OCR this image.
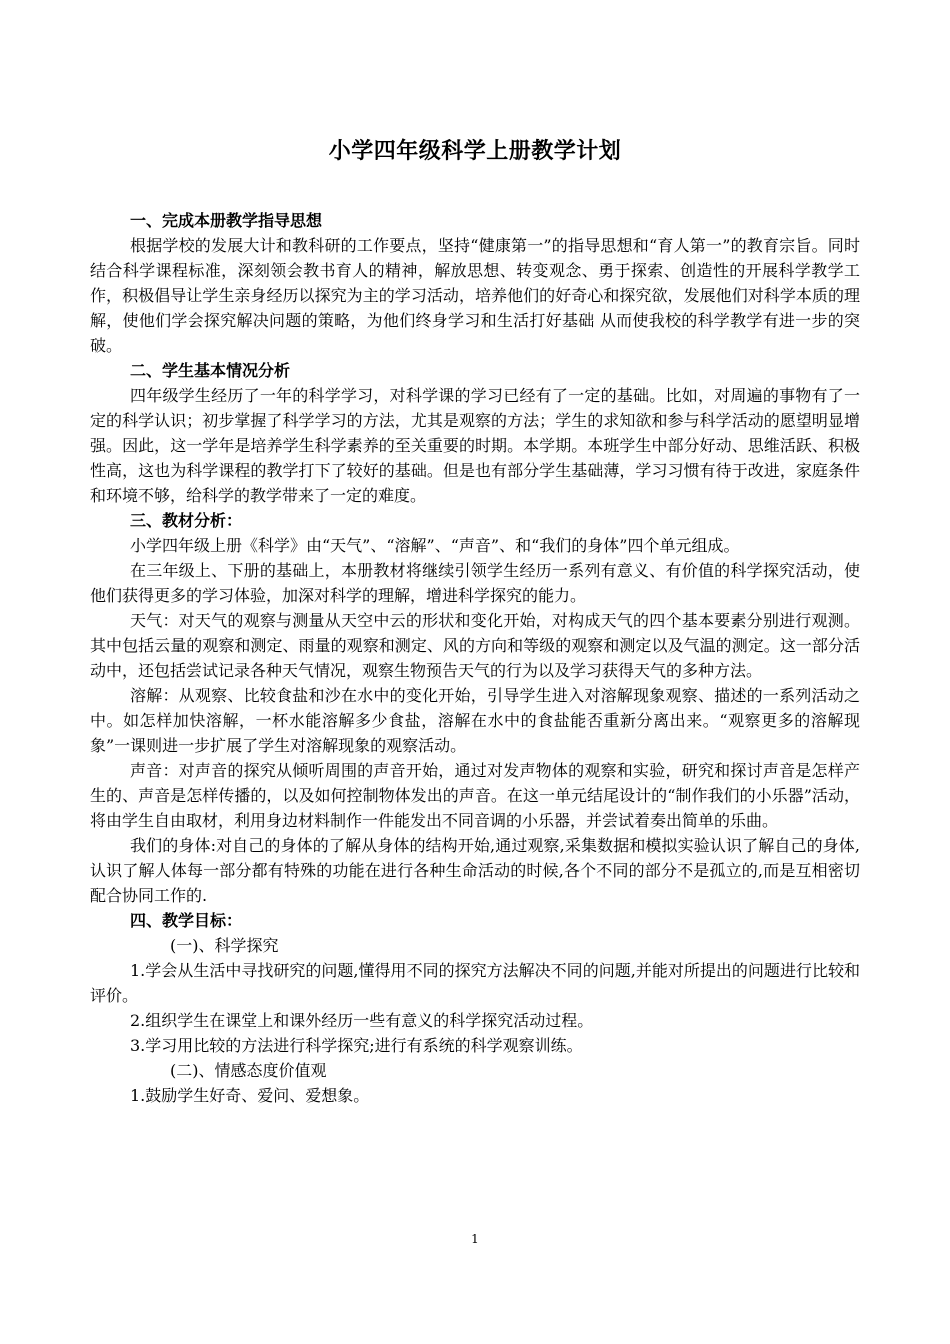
小学四年级科学上册教学计划

一、完成本册教学指导思想

根据学校的发展大计和教科研的工作要点，坚持“健康第一”的指导思想和“育人第一”的教育宗旨。同时结合科学课程标准，深刻领会教书育人的精神，解放思想、转变观念、勇于探索、创造性的开展科学教学工作，积极倡导让学生亲身经历以探究为主的学习活动，培养他们的好奇心和探究欲，发展他们对科学本质的理解，使他们学会探究解决问题的策略，为他们终身学习和生活打好基础 从而使我校的科学教学有进一步的突破。

二、学生基本情况分析

四年级学生经历了一年的科学学习，对科学课的学习已经有了一定的基础。比如，对周遍的事物有了一定的科学认识；初步掌握了科学学习的方法，尤其是观察的方法；学生的求知欲和参与科学活动的愿望明显增强。因此，这一学年是培养学生科学素养的至关重要的时期。本学期。本班学生中部分好动、思维活跃、积极性高，这也为科学课程的教学打下了较好的基础。但是也有部分学生基础薄，学习习惯有待于改进，家庭条件和环境不够，给科学的教学带来了一定的难度。

三、教材分析：

小学四年级上册《科学》由“天气”、“溶解”、“声音”、和“我们的身体”四个单元组成。

在三年级上、下册的基础上，本册教材将继续引领学生经历一系列有意义、有价值的科学探究活动，使他们获得更多的学习体验，加深对科学的理解，增进科学探究的能力。

天气：对天气的观察与测量从天空中云的形状和变化开始，对构成天气的四个基本要素分别进行观测。其中包括云量的观察和测定、雨量的观察和测定、风的方向和等级的观察和测定以及气温的测定。这一部分活动中，还包括尝试记录各种天气情况，观察生物预告天气的行为以及学习获得天气的多种方法。

溶解：从观察、比较食盐和沙在水中的变化开始，引导学生进入对溶解现象观察、描述的一系列活动之中。如怎样加快溶解，一杯水能溶解多少食盐，溶解在水中的食盐能否重新分离出来。“观察更多的溶解现象”一课则进一步扩展了学生对溶解现象的观察活动。

声音：对声音的探究从倾听周围的声音开始，通过对发声物体的观察和实验，研究和探讨声音是怎样产生的、声音是怎样传播的，以及如何控制物体发出的声音。在这一单元结尾设计的“制作我们的小乐器”活动，将由学生自由取材，利用身边材料制作一件能发出不同音调的小乐器，并尝试着奏出简单的乐曲。

我们的身体:对自己的身体的了解从身体的结构开始,通过观察,采集数据和模拟实验认识了解自己的身体,认识了解人体每一部分都有特殊的功能在进行各种生命活动的时候,各个不同的部分不是孤立的,而是互相密切配合协同工作的.

四、教学目标：

(一)、科学探究

1.学会从生活中寻找研究的问题,懂得用不同的探究方法解决不同的问题,并能对所提出的问题进行比较和评价。

2.组织学生在课堂上和课外经历一些有意义的科学探究活动过程。

3.学习用比较的方法进行科学探究;进行有系统的科学观察训练。

(二)、情感态度价值观

1.鼓励学生好奇、爱问、爱想象。

1
